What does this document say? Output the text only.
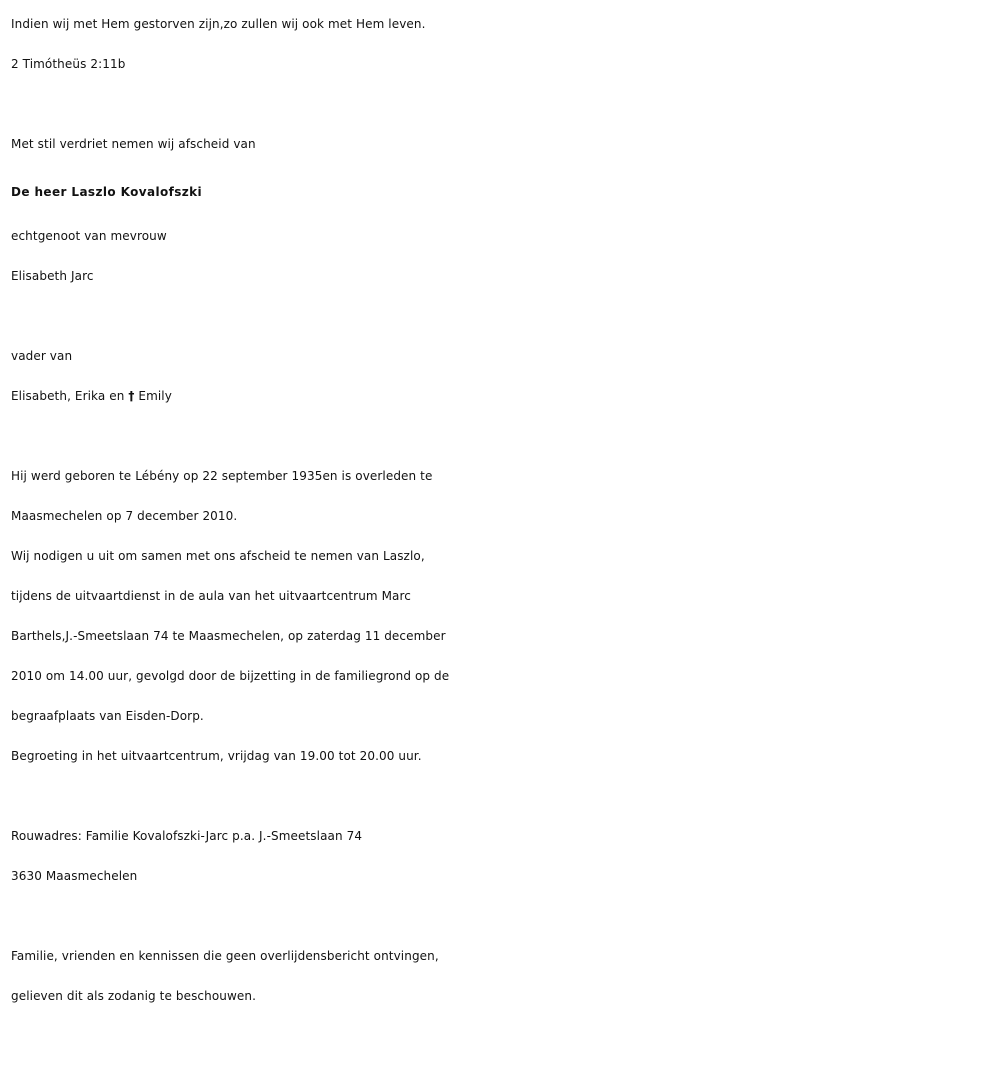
Indien wij met Hem gestorven zijn,zo zullen wij ook met Hem leven.
2 Timótheüs 2:11b
Met stil verdriet nemen wij afscheid van
De heer Laszlo Kovalofszki
echtgenoot van mevrouw
Elisabeth Jarc
vader van
Elisabeth, Erika en † Emily
Hij werd geboren te Lébény op 22 september 1935en is overleden te
Maasmechelen op 7 december 2010.
Wij nodigen u uit om samen met ons afscheid te nemen van Laszlo,
tijdens de uitvaartdienst in de aula van het uitvaartcentrum Marc
Barthels,J.-Smeetslaan 74 te Maasmechelen, op zaterdag 11 december
2010 om 14.00 uur, gevolgd door de bijzetting in de familiegrond op de
begraafplaats van Eisden-Dorp.
Begroeting in het uitvaartcentrum, vrijdag van 19.00 tot 20.00 uur.
Rouwadres: Familie Kovalofszki-Jarc p.a. J.-Smeetslaan 74
3630 Maasmechelen
Familie, vrienden en kennissen die geen overlijdensbericht ontvingen,
gelieven dit als zodanig te beschouwen.
